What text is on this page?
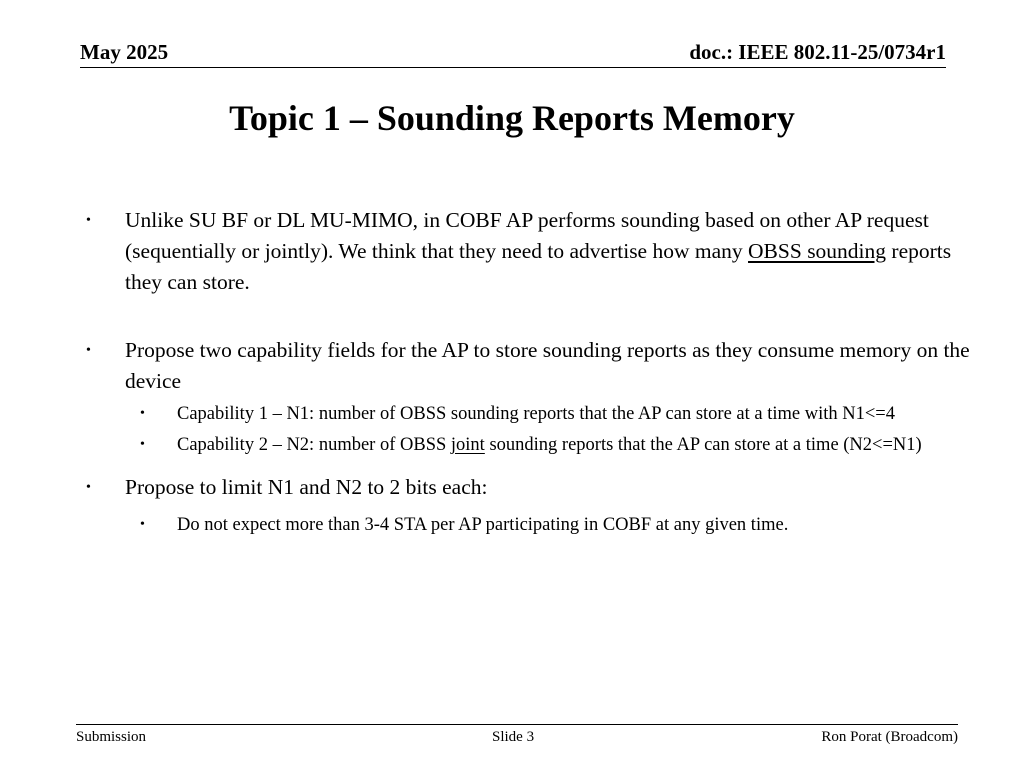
May 2025	doc.: IEEE 802.11-25/0734r1
Topic 1 – Sounding Reports Memory
• Unlike SU BF or DL MU-MIMO, in COBF AP performs sounding based on other AP request (sequentially or jointly). We think that they need to advertise how many OBSS sounding reports they can store.
• Propose two capability fields for the AP to store sounding reports as they consume memory on the device
• Capability 1 – N1: number of OBSS sounding reports that the AP can store at a time with N1<=4
• Capability 2 – N2: number of OBSS joint sounding reports that the AP can store at a time (N2<=N1)
• Propose to limit N1 and N2 to 2 bits each:
• Do not expect more than 3-4 STA per AP participating in COBF at any given time.
Submission	Slide 3	Ron Porat (Broadcom)
